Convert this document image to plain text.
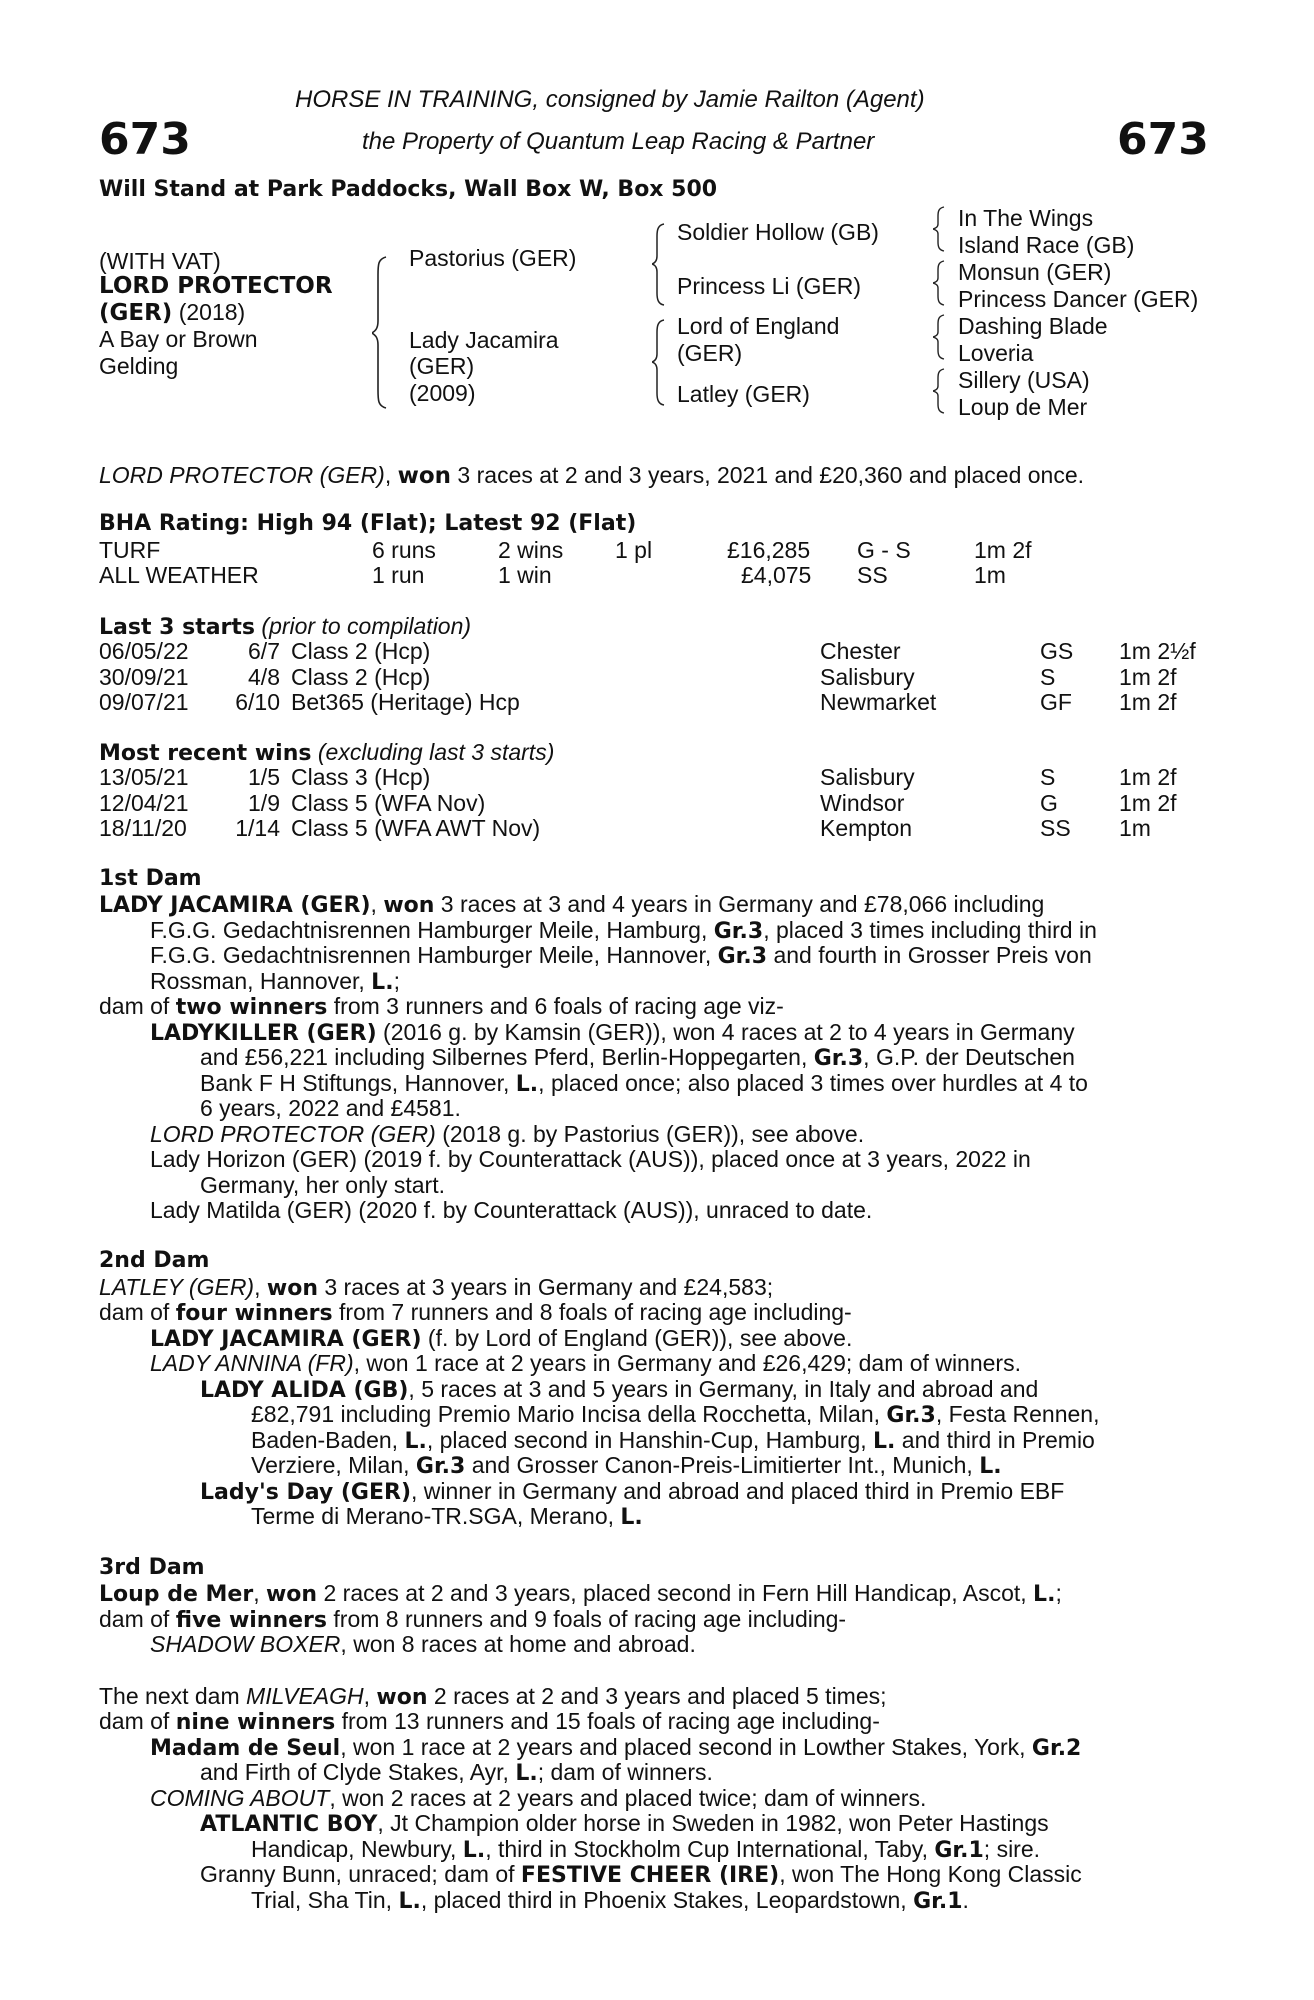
HORSE IN TRAINING, consigned by Jamie Railton (Agent)
the Property of Quantum Leap Racing & Partner
673	673
Will Stand at Park Paddocks, Wall Box W, Box 500
(WITH VAT)
LORD PROTECTOR
(GER) (2018)
A Bay or Brown
Gelding
Pastorius (GER)
Lady Jacamira
(GER)
(2009)
Soldier Hollow (GB)
Princess Li (GER)
Lord of England
(GER)
Latley (GER)
In The Wings
Island Race (GB)
Monsun (GER)
Princess Dancer (GER)
Dashing Blade
Loveria
Sillery (USA)
Loup de Mer
LORD PROTECTOR (GER), won 3 races at 2 and 3 years, 2021 and £20,360 and placed once.
BHA Rating: High 94 (Flat); Latest 92 (Flat)
TURF	6 runs	2 wins 1 pl	£16,285 G - S	1m 2f
ALL WEATHER	1 run	1 win	£4,075 SS	1m
Last 3 starts (prior to compilation)
06/05/22	6/7 Class 2 (Hcp)	Chester	GS 1m 2½f
30/09/21	4/8 Class 2 (Hcp)	Salisbury	S	1m 2f
09/07/21 6/10 Bet365 (Heritage) Hcp	Newmarket	GF 1m 2f
Most recent wins (excluding last 3 starts)
13/05/21	1/5 Class 3 (Hcp)	Salisbury	S	1m 2f
12/04/21	1/9 Class 5 (WFA Nov)	Windsor	G	1m 2f
18/11/20 1/14 Class 5 (WFA AWT Nov)	Kempton	SS 1m
1st Dam
LADY JACAMIRA (GER), won 3 races at 3 and 4 years in Germany and £78,066 including
F.G.G. Gedachtnisrennen Hamburger Meile, Hamburg, Gr.3, placed 3 times including third in
F.G.G. Gedachtnisrennen Hamburger Meile, Hannover, Gr.3 and fourth in Grosser Preis von
Rossman, Hannover, L.;
dam of two winners from 3 runners and 6 foals of racing age viz-
LADYKILLER (GER) (2016 g. by Kamsin (GER)), won 4 races at 2 to 4 years in Germany
and £56,221 including Silbernes Pferd, Berlin-Hoppegarten, Gr.3, G.P. der Deutschen
Bank F H Stiftungs, Hannover, L., placed once; also placed 3 times over hurdles at 4 to
6 years, 2022 and £4581.
LORD PROTECTOR (GER) (2018 g. by Pastorius (GER)), see above.
Lady Horizon (GER) (2019 f. by Counterattack (AUS)), placed once at 3 years, 2022 in
Germany, her only start.
Lady Matilda (GER) (2020 f. by Counterattack (AUS)), unraced to date.
2nd Dam
LATLEY (GER), won 3 races at 3 years in Germany and £24,583;
dam of four winners from 7 runners and 8 foals of racing age including-
LADY JACAMIRA (GER) (f. by Lord of England (GER)), see above.
LADY ANNINA (FR), won 1 race at 2 years in Germany and £26,429; dam of winners.
LADY ALIDA (GB), 5 races at 3 and 5 years in Germany, in Italy and abroad and
£82,791 including Premio Mario Incisa della Rocchetta, Milan, Gr.3, Festa Rennen,
Baden-Baden, L., placed second in Hanshin-Cup, Hamburg, L. and third in Premio
Verziere, Milan, Gr.3 and Grosser Canon-Preis-Limitierter Int., Munich, L.
Lady's Day (GER), winner in Germany and abroad and placed third in Premio EBF
Terme di Merano-TR.SGA, Merano, L.
3rd Dam
Loup de Mer, won 2 races at 2 and 3 years, placed second in Fern Hill Handicap, Ascot, L.;
dam of five winners from 8 runners and 9 foals of racing age including-
SHADOW BOXER, won 8 races at home and abroad.
The next dam MILVEAGH, won 2 races at 2 and 3 years and placed 5 times;
dam of nine winners from 13 runners and 15 foals of racing age including-
Madam de Seul, won 1 race at 2 years and placed second in Lowther Stakes, York, Gr.2
and Firth of Clyde Stakes, Ayr, L.; dam of winners.
COMING ABOUT, won 2 races at 2 years and placed twice; dam of winners.
ATLANTIC BOY, Jt Champion older horse in Sweden in 1982, won Peter Hastings
Handicap, Newbury, L., third in Stockholm Cup International, Taby, Gr.1; sire.
Granny Bunn, unraced; dam of FESTIVE CHEER (IRE), won The Hong Kong Classic
Trial, Sha Tin, L., placed third in Phoenix Stakes, Leopardstown, Gr.1.
